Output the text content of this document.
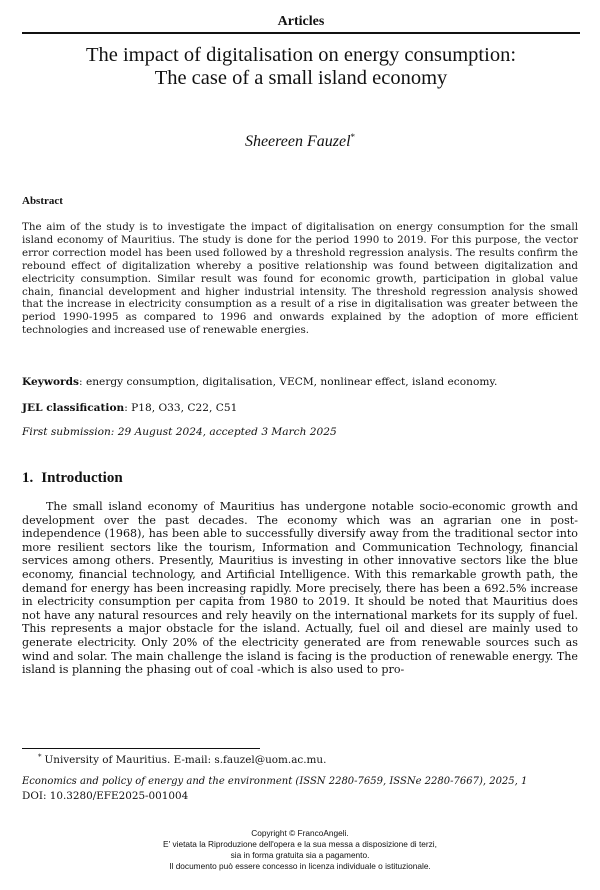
Articles
The impact of digitalisation on energy consumption:
The case of a small island economy
Sheereen Fauzel*
Abstract
The aim of the study is to investigate the impact of digitalisation on energy consumption for the small island economy of Mauritius. The study is done for the period 1990 to 2019. For this purpose, the vector error correction model has been used followed by a threshold regression analysis. The results confirm the rebound effect of digitalization whereby a positive relationship was found between digitalization and electricity consumption. Similar result was found for economic growth, participation in global value chain, financial development and higher industrial intensity. The threshold regression analysis showed that the increase in electricity consumption as a result of a rise in digitalisation was greater between the period 1990-1995 as compared to 1996 and onwards explained by the adoption of more efficient technologies and increased use of renewable energies.
Keywords: energy consumption, digitalisation, VECM, nonlinear effect, island economy.
JEL classification: P18, O33, C22, C51
First submission: 29 August 2024, accepted 3 March 2025
1. Introduction
The small island economy of Mauritius has undergone notable socio-economic growth and development over the past decades. The economy which was an agrarian one in post-independence (1968), has been able to successfully diversify away from the traditional sector into more resilient sectors like the tourism, Information and Communication Technology, financial services among others. Presently, Mauritius is investing in other innovative sectors like the blue economy, financial technology, and Artificial Intelligence. With this remarkable growth path, the demand for energy has been increasing rapidly. More precisely, there has been a 692.5% increase in electricity consumption per capita from 1980 to 2019. It should be noted that Mauritius does not have any natural resources and rely heavily on the international markets for its supply of fuel. This represents a major obstacle for the island. Actually, fuel oil and diesel are mainly used to generate electricity. Only 20% of the electricity generated are from renewable sources such as wind and solar. The main challenge the island is facing is the production of renewable energy. The island is planning the phasing out of coal -which is also used to pro-
* University of Mauritius. E-mail: s.fauzel@uom.ac.mu.
Economics and policy of energy and the environment (ISSN 2280-7659, ISSNe 2280-7667), 2025, 1
DOI: 10.3280/EFE2025-001004
Copyright © FrancoAngeli.
E' vietata la Riproduzione dell'opera e la sua messa a disposizione di terzi,
sia in forma gratuita sia a pagamento.
Il documento può essere concesso in licenza individuale o istituzionale.
